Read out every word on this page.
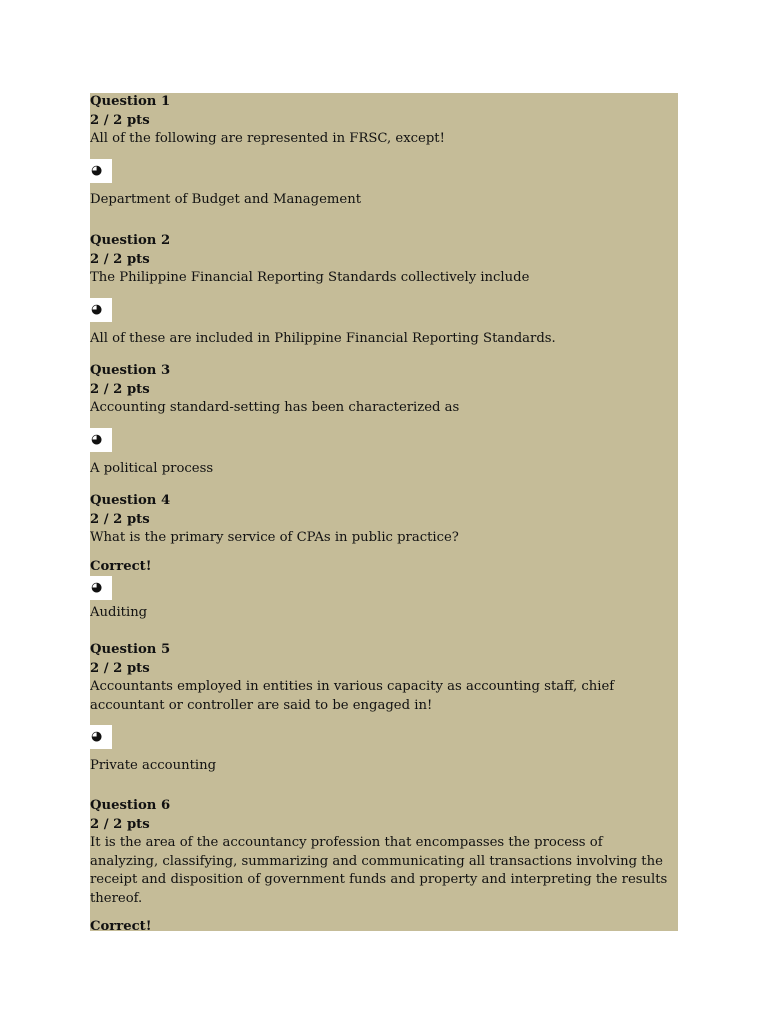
Question 1
2 / 2 pts
All of the following are represented in FRSC, except!
◕
Department of Budget and Management
Question 2
2 / 2 pts
The Philippine Financial Reporting Standards collectively include
◕
All of these are included in Philippine Financial Reporting Standards.
Question 3
2 / 2 pts
Accounting standard-setting has been characterized as
◕
A political process
Question 4
2 / 2 pts
What is the primary service of CPAs in public practice?
Correct!
◕
Auditing
Question 5
2 / 2 pts
Accountants employed in entities in various capacity as accounting staff, chief accountant or controller are said to be engaged in!
◕
Private accounting
Question 6
2 / 2 pts
It is the area of the accountancy profession that encompasses the process of analyzing, classifying, summarizing and communicating all transactions involving the receipt and disposition of government funds and property and interpreting the results thereof.
Correct!
